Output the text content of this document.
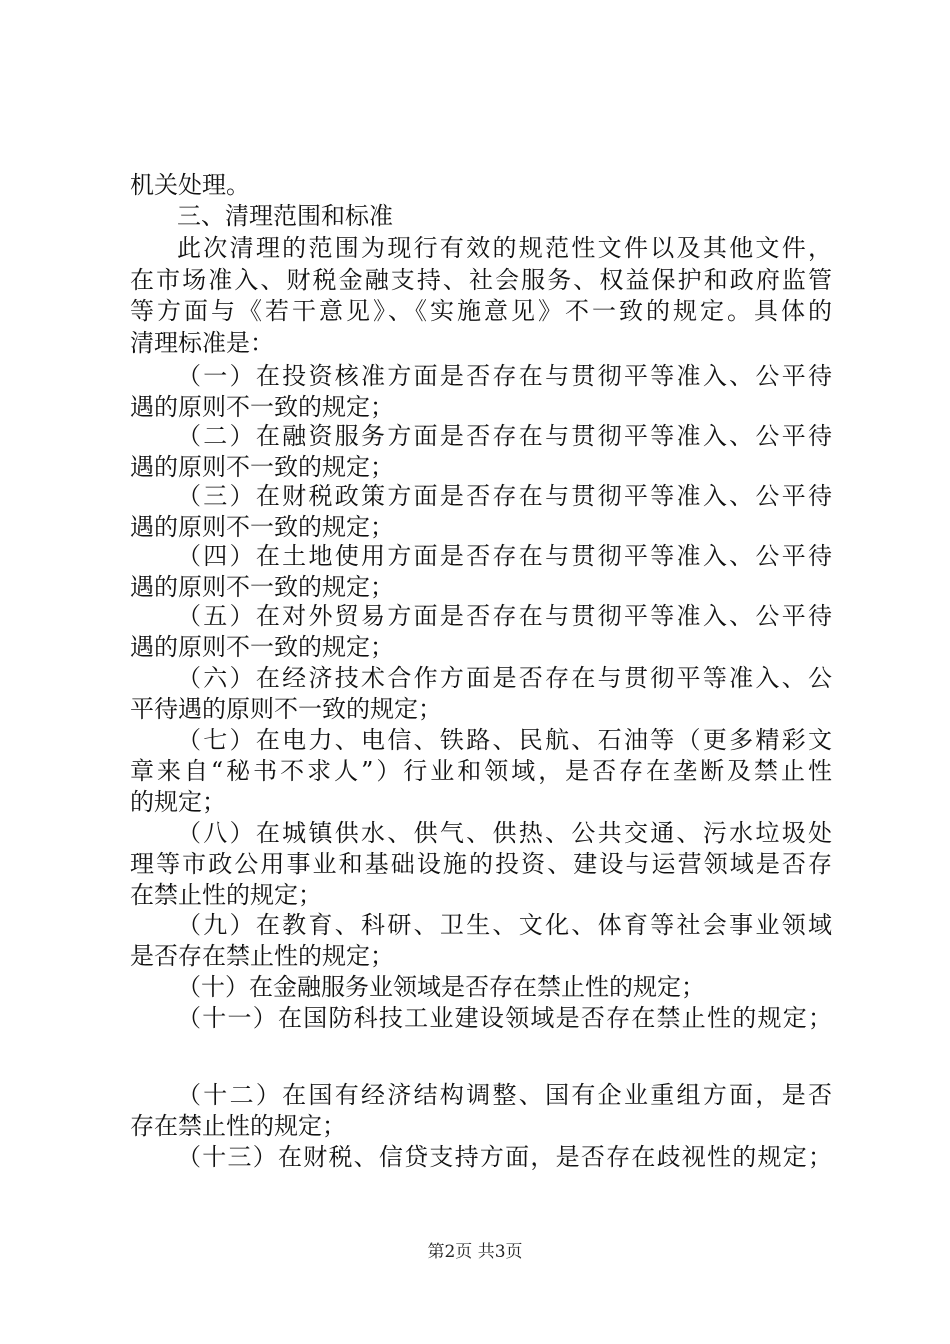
机关处理。
三、清理范围和标准
此次清理的范围为现行有效的规范性文件以及其他文件，
在市场准入、财税金融支持、社会服务、权益保护和政府监管
等方面与《若干意见》、《实施意见》不一致的规定。具体的
清理标准是：
（一）在投资核准方面是否存在与贯彻平等准入、公平待
遇的原则不一致的规定；
（二）在融资服务方面是否存在与贯彻平等准入、公平待
遇的原则不一致的规定；
（三）在财税政策方面是否存在与贯彻平等准入、公平待
遇的原则不一致的规定；
（四）在土地使用方面是否存在与贯彻平等准入、公平待
遇的原则不一致的规定；
（五）在对外贸易方面是否存在与贯彻平等准入、公平待
遇的原则不一致的规定；
（六）在经济技术合作方面是否存在与贯彻平等准入、公
平待遇的原则不一致的规定；
（七）在电力、电信、铁路、民航、石油等（更多精彩文
章来自“秘书不求人”）行业和领域，是否存在垄断及禁止性
的规定；
（八）在城镇供水、供气、供热、公共交通、污水垃圾处
理等市政公用事业和基础设施的投资、建设与运营领域是否存
在禁止性的规定；
（九）在教育、科研、卫生、文化、体育等社会事业领域
是否存在禁止性的规定；
（十）在金融服务业领域是否存在禁止性的规定；
（十一）在国防科技工业建设领域是否存在禁止性的规定；
（十二）在国有经济结构调整、国有企业重组方面，是否
存在禁止性的规定；
（十三）在财税、信贷支持方面，是否存在歧视性的规定；
第2页 共3页
